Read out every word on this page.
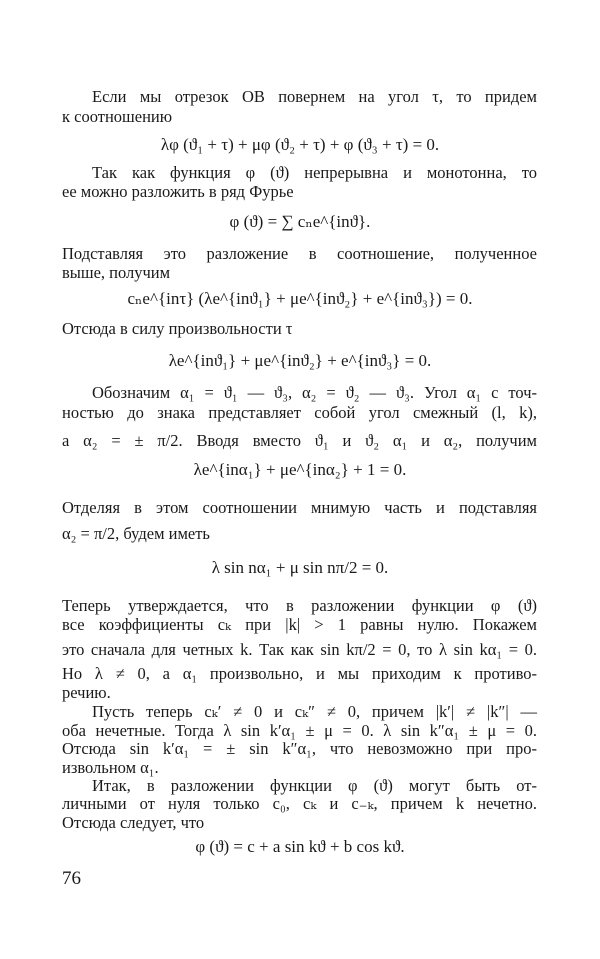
Если мы отрезок OB повернем на угол τ, то придем
к соотношению
λφ (ϑ₁ + τ) + μφ (ϑ₂ + τ) + φ (ϑ₃ + τ) = 0.
Так как функция φ (ϑ) непрерывна и монотонна, то
ее можно разложить в ряд Фурье
φ (ϑ) = ∑ cₙe^{inϑ}.
Подставляя это разложение в соотношение, полученное
выше, получим
cₙe^{inτ} (λe^{inϑ₁} + μe^{inϑ₂} + e^{inϑ₃}) = 0.
Отсюда в силу произвольности τ
λe^{inϑ₁} + μe^{inϑ₂} + e^{inϑ₃} = 0.
Обозначим α₁ = ϑ₁ — ϑ₃, α₂ = ϑ₂ — ϑ₃. Угол α₁ с точ-
ностью до знака представляет собой угол смежный (l, k),
а α₂ = ± π/2. Вводя вместо ϑ₁ и ϑ₂ α₁ и α₂, получим
λe^{inα₁} + μe^{inα₂} + 1 = 0.
Отделяя в этом соотношении мнимую часть и подставляя
α₂ = π/2, будем иметь
λ sin nα₁ + μ sin nπ/2 = 0.
Теперь утверждается, что в разложении функции φ (ϑ)
все коэффициенты cₖ при |k| > 1 равны нулю. Покажем
это сначала для четных k. Так как sin kπ/2 = 0, то λ sin kα₁ = 0.
Но λ ≠ 0, а α₁ произвольно, и мы приходим к противо-
речию.
Пусть теперь cₖ′ ≠ 0 и cₖ″ ≠ 0, причем |k′| ≠ |k″| —
оба нечетные. Тогда λ sin k′α₁ ± μ = 0. λ sin k″α₁ ± μ = 0.
Отсюда sin k′α₁ = ± sin k″α₁, что невозможно при про-
извольном α₁.
Итак, в разложении функции φ (ϑ) могут быть от-
личными от нуля только c₀, cₖ и c₋ₖ, причем k нечетно.
Отсюда следует, что
φ (ϑ) = c + a sin kϑ + b cos kϑ.
76
